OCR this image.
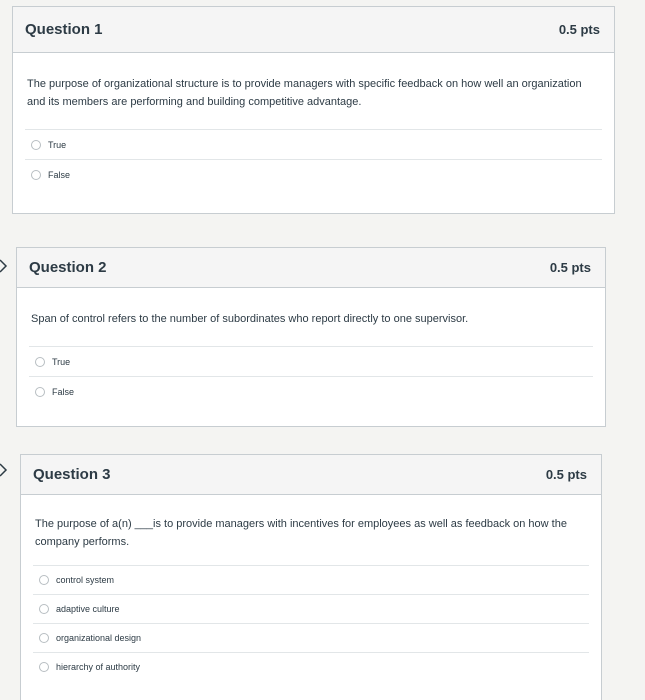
Question 1	0.5 pts
The purpose of organizational structure is to provide managers with specific feedback on how well an organization and its members are performing and building competitive advantage.
True
False
Question 2	0.5 pts
Span of control refers to the number of subordinates who report directly to one supervisor.
True
False
Question 3	0.5 pts
The purpose of a(n) ___is to provide managers with incentives for employees as well as feedback on how the company performs.
control system
adaptive culture
organizational design
hierarchy of authority
